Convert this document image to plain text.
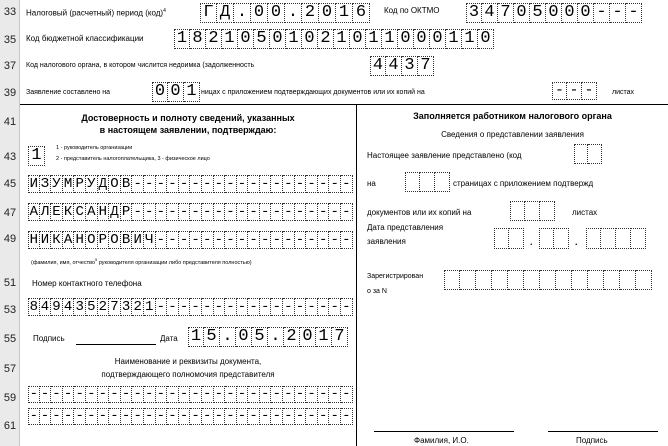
33
35
37
39
41
43
45
47
49
51
53
55
57
59
61
Налоговый (расчетный) период (код)$^4$ Г Д . 0 0 . 2 0 1 6	Код по ОКТМО 3 4 7 0 5 0 0 0 - - -
Код бюджетной классификации 1 8 2 1 0 5 0 1 0 2 1 0 1 1 0 0 0 1 1 0
Код налогового органа, в котором числится недоимка (задолженность	4 4 3 7
Заявление составлено на	0 0 1 ницах с приложением подтверждающих документов или их копий на	- - -	листах
Достоверность и полноту сведений, указанных
в настоящем заявлении, подтверждаю:
1	1 - руководитель организации
2 - представитель налогоплательщика, 3 - физическое лицо
И З У М Р У Д О В - - - - - - - - - - - - - - - - - - -
А Л Е К С А Н Д Р - - - - - - - - - - - - - - - - - - -
Н И К А Н О Р О В И Ч - - - - - - - - - - - - - - - - -
(фамилия, имя, отчество$^5$ руководителя организации либо представителя полностью)
Номер контактного телефона
8 4 9 4 3 5 2 7 3 2 1 - - - - - - - - - - - - - - - - -
Подпись	Дата 1 5 . 0 5 . 2 0 1 7
Наименование и реквизиты документа,
подтверждающего полномочия представителя
- - - - - - - - - - - - - - - - - - - - - - - - - - - -
- - - - - - - - - - - - - - - - - - - - - - - - - - - -
Заполняется работником налогового органа
Сведения о представлении заявления
Настоящее заявление представлено (код
на	страницах с приложением подтвержд
документов или их копий на	листах
Дата представления
заявления	.	.
Зарегистрирован
о за N
Фамилия, И.О.	Подпись
